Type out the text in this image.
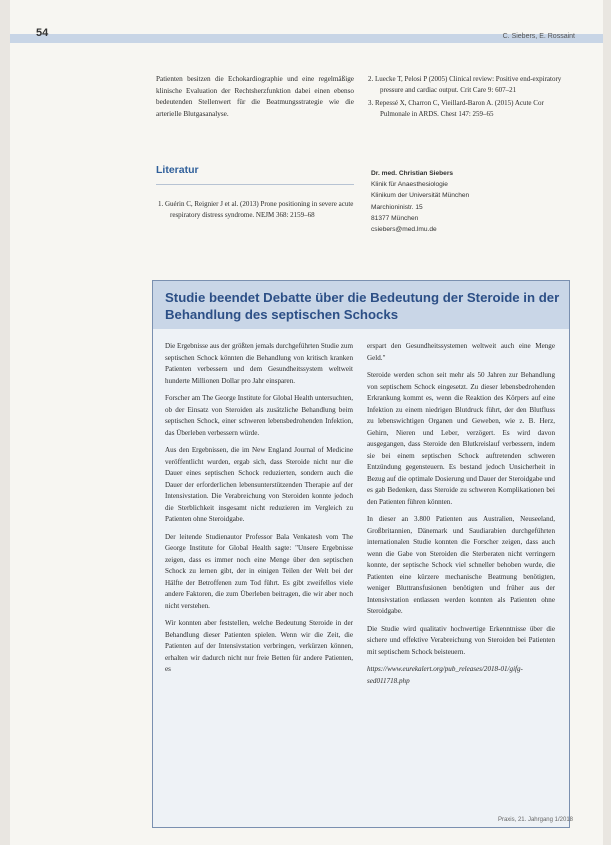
54	C. Siebers, E. Rossaint
Patienten besitzen die Echokardiographie und eine regelmäßige klinische Evaluation der Rechtsherzfunktion dabei einen ebenso bedeutenden Stellenwert für die Beatmungsstrategie wie die arterielle Blutgasanalyse.
2. Luecke T, Pelosi P (2005) Clinical review: Positive end-expiratory pressure and cardiac output. Crit Care 9: 607–21
3. Repessé X, Charron C, Vieillard-Baron A. (2015) Acute Cor Pulmonale in ARDS. Chest 147: 259–65
Literatur
1. Guérin C, Reignier J et al. (2013) Prone positioning in severe acute respiratory distress syndrome. NEJM 368: 2159–68
Dr. med. Christian Siebers
Klinik für Anaesthesiologie
Klinikum der Universität München
Marchioninistr. 15
81377 München
csiebers@med.lmu.de
Studie beendet Debatte über die Bedeutung der Steroide in der Behandlung des septischen Schocks

Die Ergebnisse aus der größten jemals durchgeführten Studie zum septischen Schock könnten die Behandlung von kritisch kranken Patienten verbessern und dem Gesundheitssystem weltweit hunderte Millionen Dollar pro Jahr einsparen.

Forscher am The George Institute for Global Health untersuchten, ob der Einsatz von Steroiden als zusätzliche Behandlung beim septischen Schock, einer schweren lebensbedrohenden Infektion, das Überleben verbessern würde.

Aus den Ergebnissen, die im New England Journal of Medicine veröffentlicht wurden, ergab sich, dass Steroide nicht nur die Dauer eines septischen Schock reduzierten, sondern auch die Dauer der erforderlichen lebensunterstützenden Therapie auf der Intensivstation. Die Verabreichung von Steroiden konnte jedoch die Sterblichkeit insgesamt nicht reduzieren im Vergleich zu Patienten ohne Steroidgabe.

Der leitende Studienautor Professor Bala Venkatesh vom The George Institute for Global Health sagte: "Unsere Ergebnisse zeigen, dass es immer noch eine Menge über den septischen Schock zu lernen gibt, der in einigen Teilen der Welt bei der Hälfte der Betroffenen zum Tod führt. Es gibt zweifellos viele andere Faktoren, die zum Überleben beitragen, die wir aber noch nicht verstehen.

Wir konnten aber feststellen, welche Bedeutung Steroide in der Behandlung dieser Patienten spielen. Wenn wir die Zeit, die Patienten auf der Intensivstation verbringen, verkürzen können, erhalten wir dadurch nicht nur freie Betten für andere Patienten, es

erspart den Gesundheitssystemen weltweit auch eine Menge Geld."

Steroide werden schon seit mehr als 50 Jahren zur Behandlung von septischem Schock eingesetzt. Zu dieser lebensbedrohenden Erkrankung kommt es, wenn die Reaktion des Körpers auf eine Infektion zu einem niedrigen Blutdruck führt, der den Blutfluss zu lebenswichtigen Organen und Geweben, wie z. B. Herz, Gehirn, Nieren und Leber, verzögert. Es wird davon ausgegangen, dass Steroide den Blutkreislauf verbessern, indem sie bei einem septischen Schock auftretenden schweren Entzündung gegensteuern. Es bestand jedoch Unsicherheit in Bezug auf die optimale Dosierung und Dauer der Steroidgabe und es gab Bedenken, dass Steroide zu schweren Komplikationen bei den Patienten führen könnten.

In dieser an 3.800 Patienten aus Australien, Neuseeland, Großbritannien, Dänemark und Saudiarabien durchgeführten internationalen Studie konnten die Forscher zeigen, dass auch wenn die Gabe von Steroiden die Sterberaten nicht verringern konnte, der septische Schock viel schneller behoben wurde, die Patienten eine kürzere mechanische Beatmung benötigten, weniger Bluttransfusionen benötigten und früher aus der Intensivstation entlassen werden konnten als Patienten ohne Steroidgabe.

Die Studie wird qualitativ hochwertige Erkenntnisse über die sichere und effektive Verabreichung von Steroiden bei Patienten mit septischem Schock beisteuern.

https://www.eurekalert.org/pub_releases/2018-01/gifg-sed011718.php

Praxis, 21. Jahrgang 1/2018
